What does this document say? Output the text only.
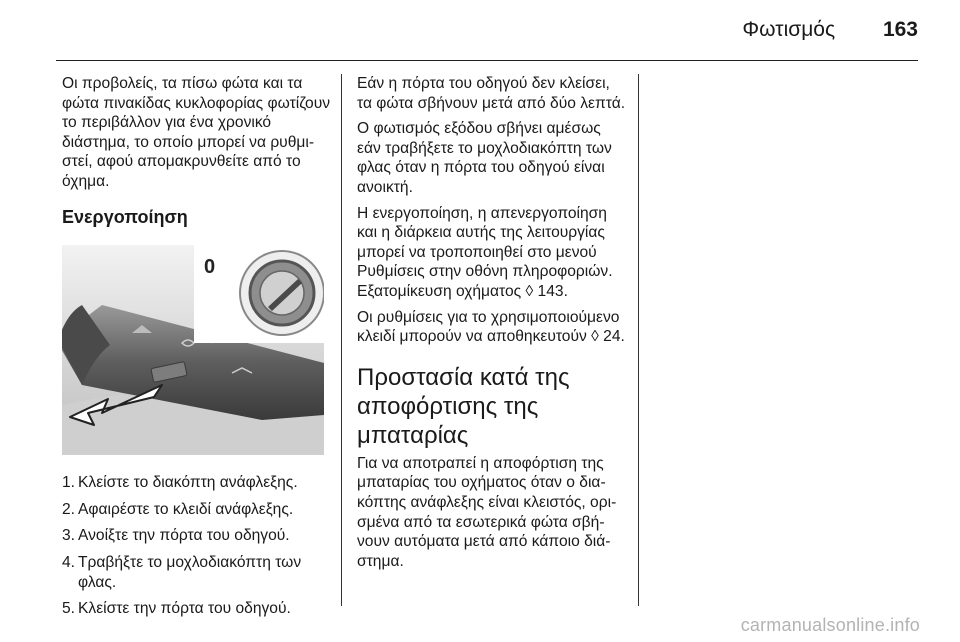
Φωτισμός 163

Οι προβολείς, τα πίσω φώτα και τα φώτα πινακίδας κυκλοφορίας φωτίζουν το περιβάλλον για ένα χρονικό διάστημα, το οποίο μπορεί να ρυθμιστεί, αφού απομακρυνθείτε από το όχημα.

Ενεργοποίηση
0
1. Κλείστε το διακόπτη ανάφλεξης.
2. Αφαιρέστε το κλειδί ανάφλεξης.
3. Ανοίξτε την πόρτα του οδηγού.
4. Τραβήξτε το μοχλοδιακόπτη των φλας.
5. Κλείστε την πόρτα του οδηγού.

Εάν η πόρτα του οδηγού δεν κλείσει, τα φώτα σβήνουν μετά από δύο λεπτά.

Ο φωτισμός εξόδου σβήνει αμέσως εάν τραβήξετε το μοχλοδιακόπτη των φλας όταν η πόρτα του οδηγού είναι ανοικτή.

Η ενεργοποίηση, η απενεργοποίηση και η διάρκεια αυτής της λειτουργίας μπορεί να τροποποιηθεί στο μενού Ρυθμίσεις στην οθόνη πληροφοριών. Εξατομίκευση οχήματος ◊ 143.

Οι ρυθμίσεις για το χρησιμοποιούμενο κλειδί μπορούν να αποθηκευτούν ◊ 24.

Προστασία κατά της αποφόρτισης της μπαταρίας

Για να αποτραπεί η αποφόρτιση της μπαταρίας του οχήματος όταν ο διακόπτης ανάφλεξης είναι κλειστός, ορισμένα από τα εσωτερικά φώτα σβήνουν αυτόματα μετά από κάποιο διάστημα.

carmanualsonline.info
